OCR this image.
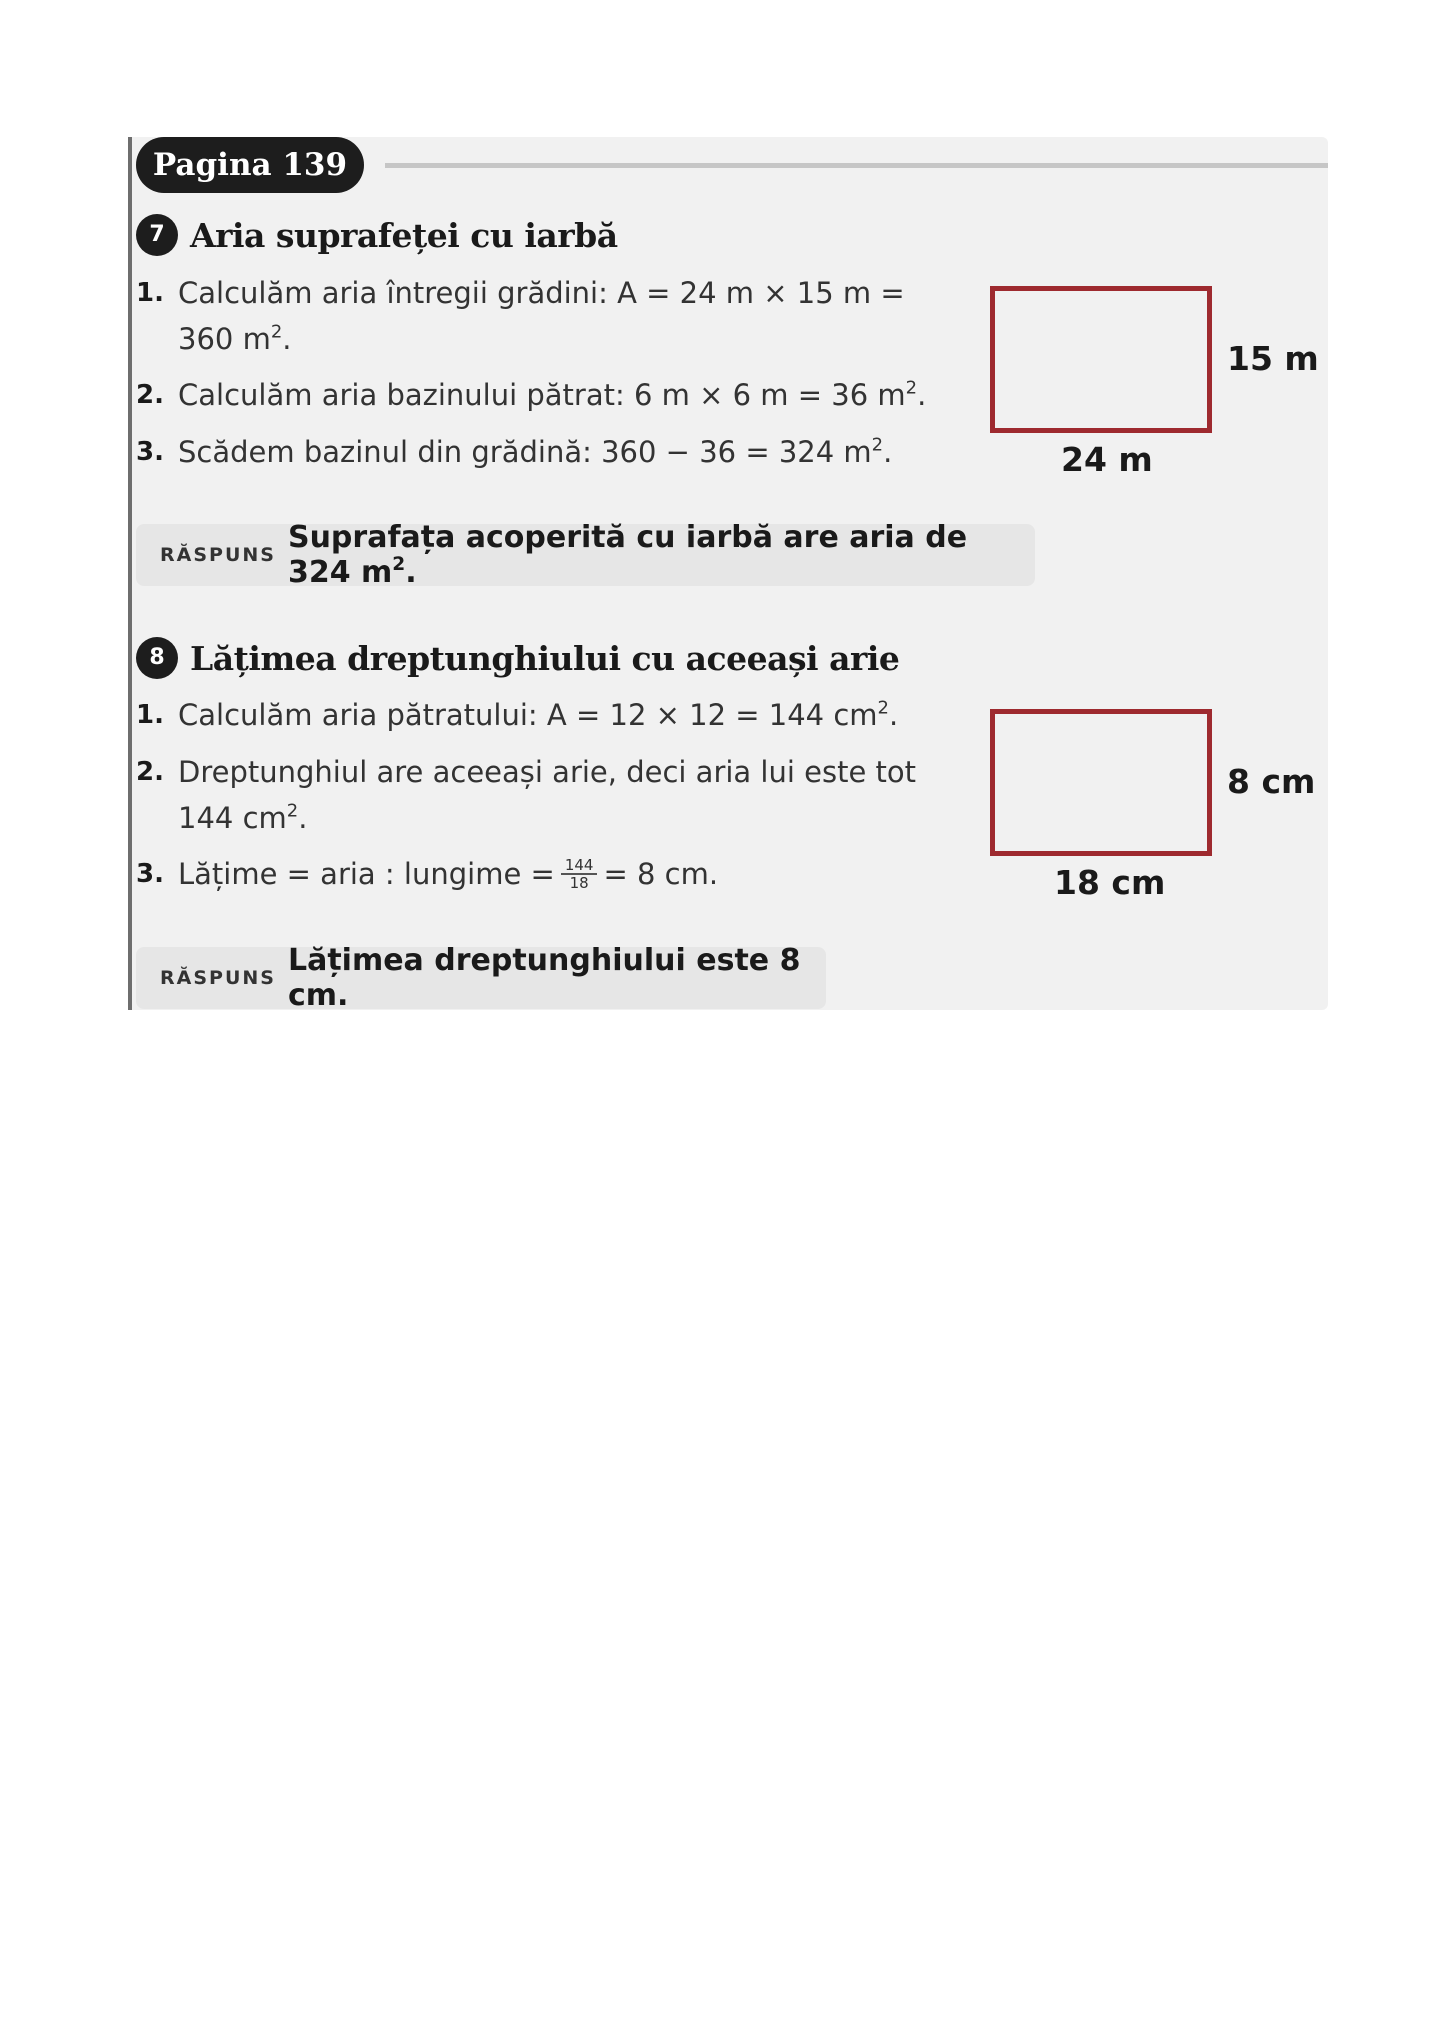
Pagina 139
7 Aria suprafeței cu iarbă
1. Calculăm aria întregii grădini: A = 24 m × 15 m =
360 $m^2$.
2. Calculăm aria bazinului pătrat: 6 m × 6 m = 36 $m^2$.
3. Scădem bazinul din grădină: 360 − 36 = 324 $m^2$.
RĂSPUNS Suprafața acoperită cu iarbă are aria de 324 $m^2$.
15 m
24 m
8 Lățimea dreptunghiului cu aceeași arie
1. Calculăm aria pătratului: A = 12 × 12 = 144 $cm^2$.
2. Dreptunghiul are aceeași arie, deci aria lui este tot
144 $cm^2$.
3. Lățime = aria : lungime = $\frac{144}{18} = 8$ cm.
RĂSPUNS Lățimea dreptunghiului este 8 cm.
8 cm
18 cm
